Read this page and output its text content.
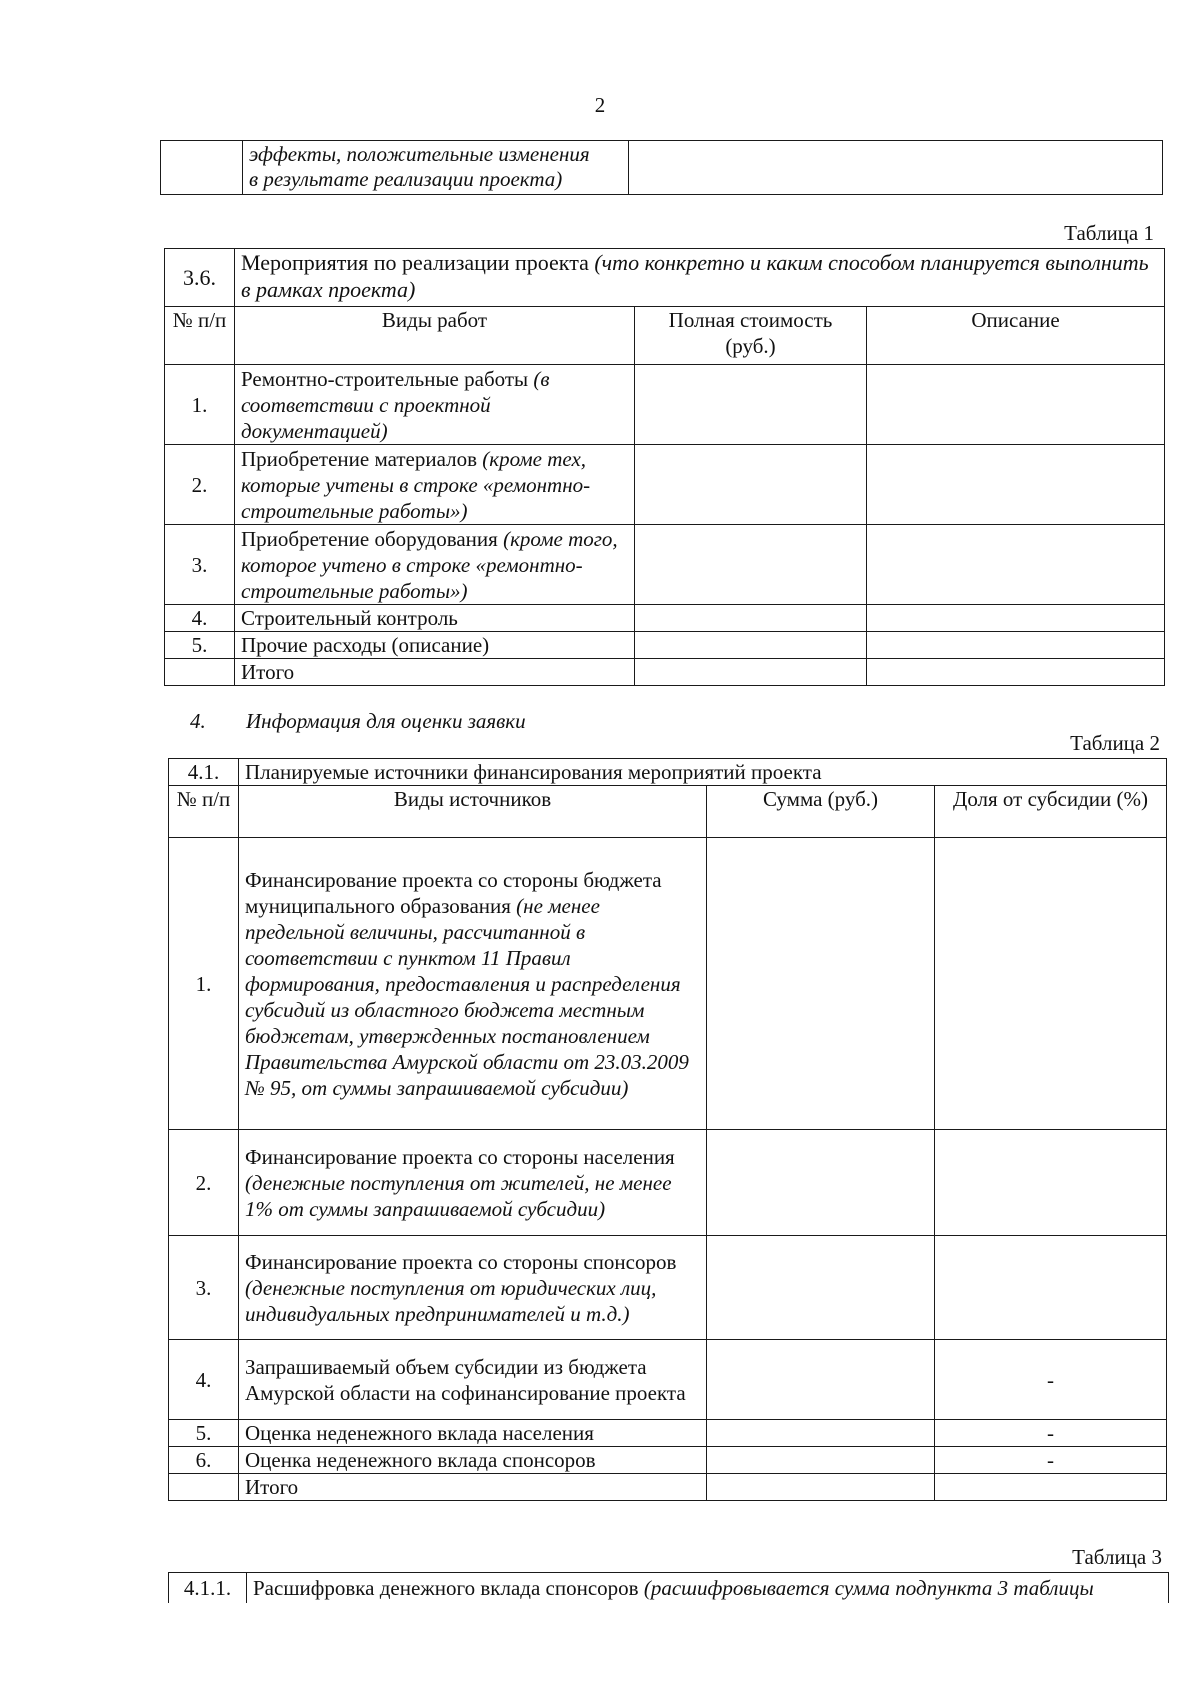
2
	эффекты, положительные изменения
в результате реализации проекта)	
Таблица 1
3.6.	Мероприятия по реализации проекта (что конкретно и каким способом планируется выполнить в рамках проекта)		
№ п/п	Виды работ	Полная стоимость (руб.)	Описание
1.	Ремонтно-строительные работы (в соответствии с проектной документацией)		
2.	Приобретение материалов (кроме тех, которые учтены в строке «ремонтно-строительные работы»)		
3.	Приобретение оборудования (кроме того, которое учтено в строке «ремонтно-строительные работы»)		
4.	Строительный контроль		
5.	Прочие расходы (описание)		
	Итого		
4. Информация для оценки заявки
Таблица 2
4.1.	Планируемые источники финансирования мероприятий проекта		
№ п/п	Виды источников	Сумма (руб.)	Доля от субсидии (%)
1.	Финансирование проекта со стороны бюджета муниципального образования (не менее предельной величины, рассчитанной в соответствии с пунктом 11 Правил формирования, предоставления и распределения субсидий из областного бюджета местным бюджетам, утвержденных постановлением Правительства Амурской области от 23.03.2009 № 95, от суммы запрашиваемой субсидии)		
2.	Финансирование проекта со стороны населения (денежные поступления от жителей, не менее 1% от суммы запрашиваемой субсидии)		
3.	Финансирование проекта со стороны спонсоров (денежные поступления от юридических лиц, индивидуальных предпринимателей и т.д.)		
4.	Запрашиваемый объем субсидии из бюджета Амурской области на софинансирование проекта		-
5.	Оценка неденежного вклада населения		-
6.	Оценка неденежного вклада спонсоров		-
	Итого		
Таблица 3
4.1.1.	Расшифровка денежного вклада спонсоров (расшифровывается сумма подпункта 3 таблицы
